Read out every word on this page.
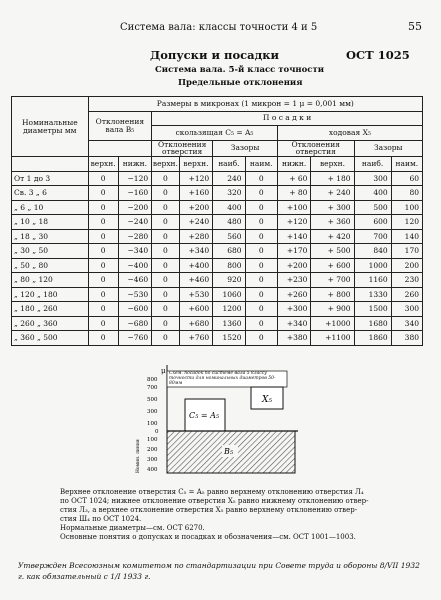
Система вала: классы точности 4 и 5	55
Допуски и посадки	ОСТ 1025
Система вала. 5-й класс точности
Предельные отклонения
Номинальные диаметры мм	Размеры в микронах (1 микрон = 1 μ = 0,001 мм)									
	Отклонения вала B₅		П о с а д к и							
			скользящая C₅ = A₅				ходовая X₅			
			Отклонения отверстия		Зазоры		Отклонения отверстия		Зазоры	
	верхн.	нижн.	верхн.	верхн.	наиб.	наим.	нижн.	верхн.	наиб.	наим.
От 1 до 3	0	−120	0	+120	240	0	+ 60	+ 180	300	60
Св. 3 „ 6	0	−160	0	+160	320	0	+ 80	+ 240	400	80
„ 6 „ 10	0	−200	0	+200	400	0	+100	+ 300	500	100
„ 10 „ 18	0	−240	0	+240	480	0	+120	+ 360	600	120
„ 18 „ 30	0	−280	0	+280	560	0	+140	+ 420	700	140
„ 30 „ 50	0	−340	0	+340	680	0	+170	+ 500	840	170
„ 50 „ 80	0	−400	0	+400	800	0	+200	+ 600	1000	200
„ 80 „ 120	0	−460	0	+460	920	0	+230	+ 700	1160	230
„ 120 „ 180	0	−530	0	+530	1060	0	+260	+ 800	1330	260
„ 180 „ 260	0	−600	0	+600	1200	0	+300	+ 900	1500	300
„ 260 „ 360	0	−680	0	+680	1360	0	+340	+1000	1680	340
„ 360 „ 500	0	−760	0	+760	1520	0	+380	+1100	1860	380
μ
800
700
500
300
100
0
100
200
300
400
Схем. посадок по системе вала 5 классу точности для номинальных диаметров 50-80мм
X₅
C₅ = A₅
B₅
Номин. линия
Верхнее отклонение отверстия C₅ = A₅ равно верхнему отклонению отверстия Л₄
по ОСТ 1024; нижнее отклонение отверстия X₅ равно нижнему отклонению отвер-
стия Л₃, а верхнее отклонение отверстия X₅ равно верхнему отклонению отвер-
стия Ш₄ по ОСТ 1024.
Нормальные диаметры—см. ОСТ 6270.
Основные понятия о допусках и посадках и обозначения—см. ОСТ 1001—1003.
Утвержден Всесоюзным комитетом по стандартизации при Совете труда и обороны 8/VII 1932 г. как обязательный с 1/I 1933 г.
